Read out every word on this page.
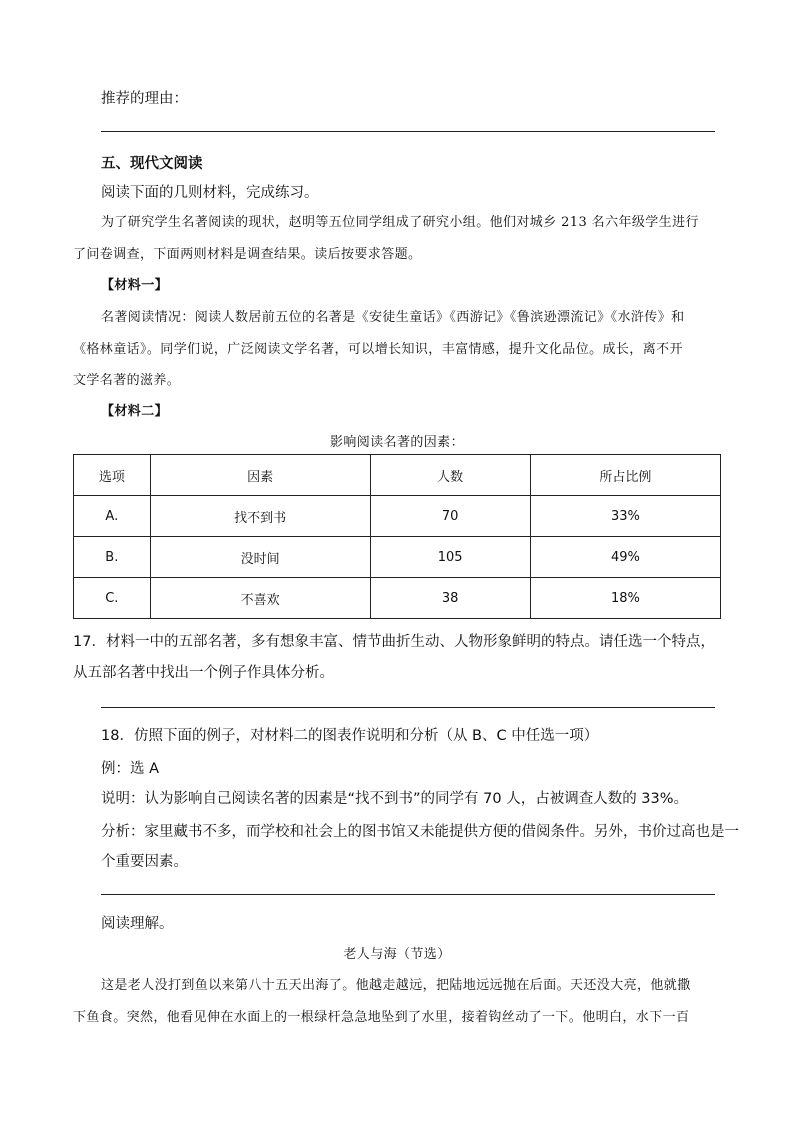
推荐的理由：
五、现代文阅读
阅读下面的几则材料，完成练习。
为了研究学生名著阅读的现状，赵明等五位同学组成了研究小组。他们对城乡 213 名六年级学生进行
了问卷调查，下面两则材料是调查结果。读后按要求答题。
【材料一】
名著阅读情况：阅读人数居前五位的名著是《安徒生童话》《西游记》《鲁滨逊漂流记》《水浒传》和
《格林童话》。同学们说，广泛阅读文学名著，可以增长知识，丰富情感，提升文化品位。成长，离不开
文学名著的滋养。
【材料二】
影响阅读名著的因素：
选项	因素	人数	所占比例
A.	找不到书	70	33%
B.	没时间	105	49%
C.	不喜欢	38	18%
17．材料一中的五部名著，多有想象丰富、情节曲折生动、人物形象鲜明的特点。请任选一个特点，
从五部名著中找出一个例子作具体分析。
18．仿照下面的例子，对材料二的图表作说明和分析（从 B、C 中任选一项）
例：选 A
说明：认为影响自己阅读名著的因素是“找不到书”的同学有 70 人，占被调查人数的 33%。
分析：家里藏书不多，而学校和社会上的图书馆又未能提供方便的借阅条件。另外，书价过高也是一
个重要因素。
阅读理解。
老人与海（节选）
这是老人没打到鱼以来第八十五天出海了。他越走越远，把陆地远远抛在后面。天还没大亮，他就撒
下鱼食。突然，他看见伸在水面上的一根绿杆急急地坠到了水里，接着钩丝动了一下。他明白，水下一百
